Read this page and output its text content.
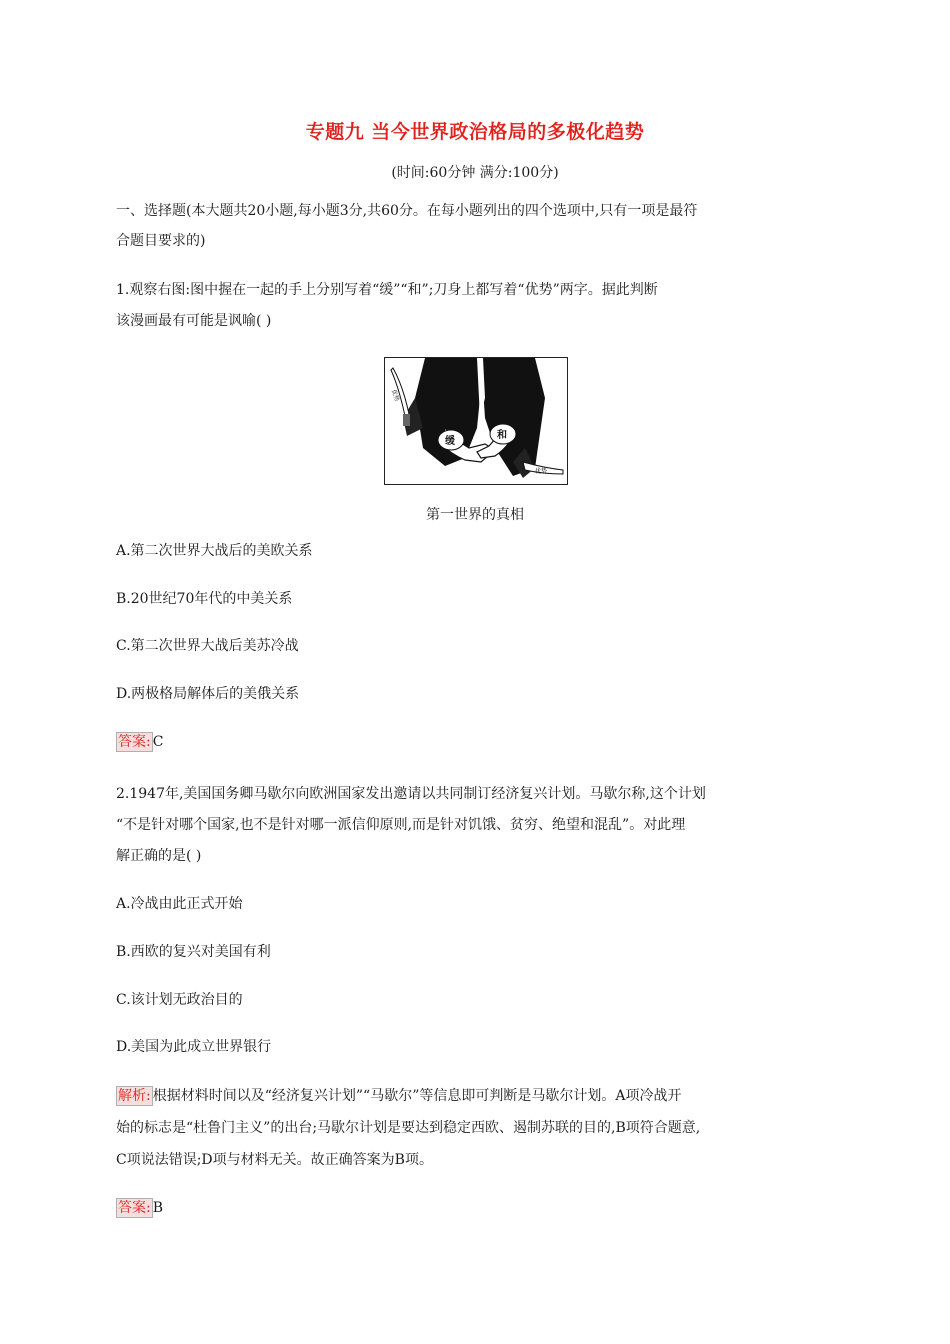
专题九 当今世界政治格局的多极化趋势
(时间:60分钟 满分:100分)
一、选择题(本大题共20小题,每小题3分,共60分。在每小题列出的四个选项中,只有一项是最符
合题目要求的)
1.观察右图:图中握在一起的手上分别写着“缓”“和”;刀身上都写着“优势”两字。据此判断
该漫画最有可能是讽喻( )
缓
和
优势
优势
第一世界的真相
A.第二次世界大战后的美欧关系
B.20世纪70年代的中美关系
C.第二次世界大战后美苏冷战
D.两极格局解体后的美俄关系
答案: C
2.1947年,美国国务卿马歇尔向欧洲国家发出邀请以共同制订经济复兴计划。马歇尔称,这个计划
“不是针对哪个国家,也不是针对哪一派信仰原则,而是针对饥饿、贫穷、绝望和混乱”。对此理
解正确的是( )
A.冷战由此正式开始
B.西欧的复兴对美国有利
C.该计划无政治目的
D.美国为此成立世界银行
解析: 根据材料时间以及“经济复兴计划”“马歇尔”等信息即可判断是马歇尔计划。A项冷战开
始的标志是“杜鲁门主义”的出台;马歇尔计划是要达到稳定西欧、遏制苏联的目的,B项符合题意,
C项说法错误;D项与材料无关。故正确答案为B项。
答案: B
